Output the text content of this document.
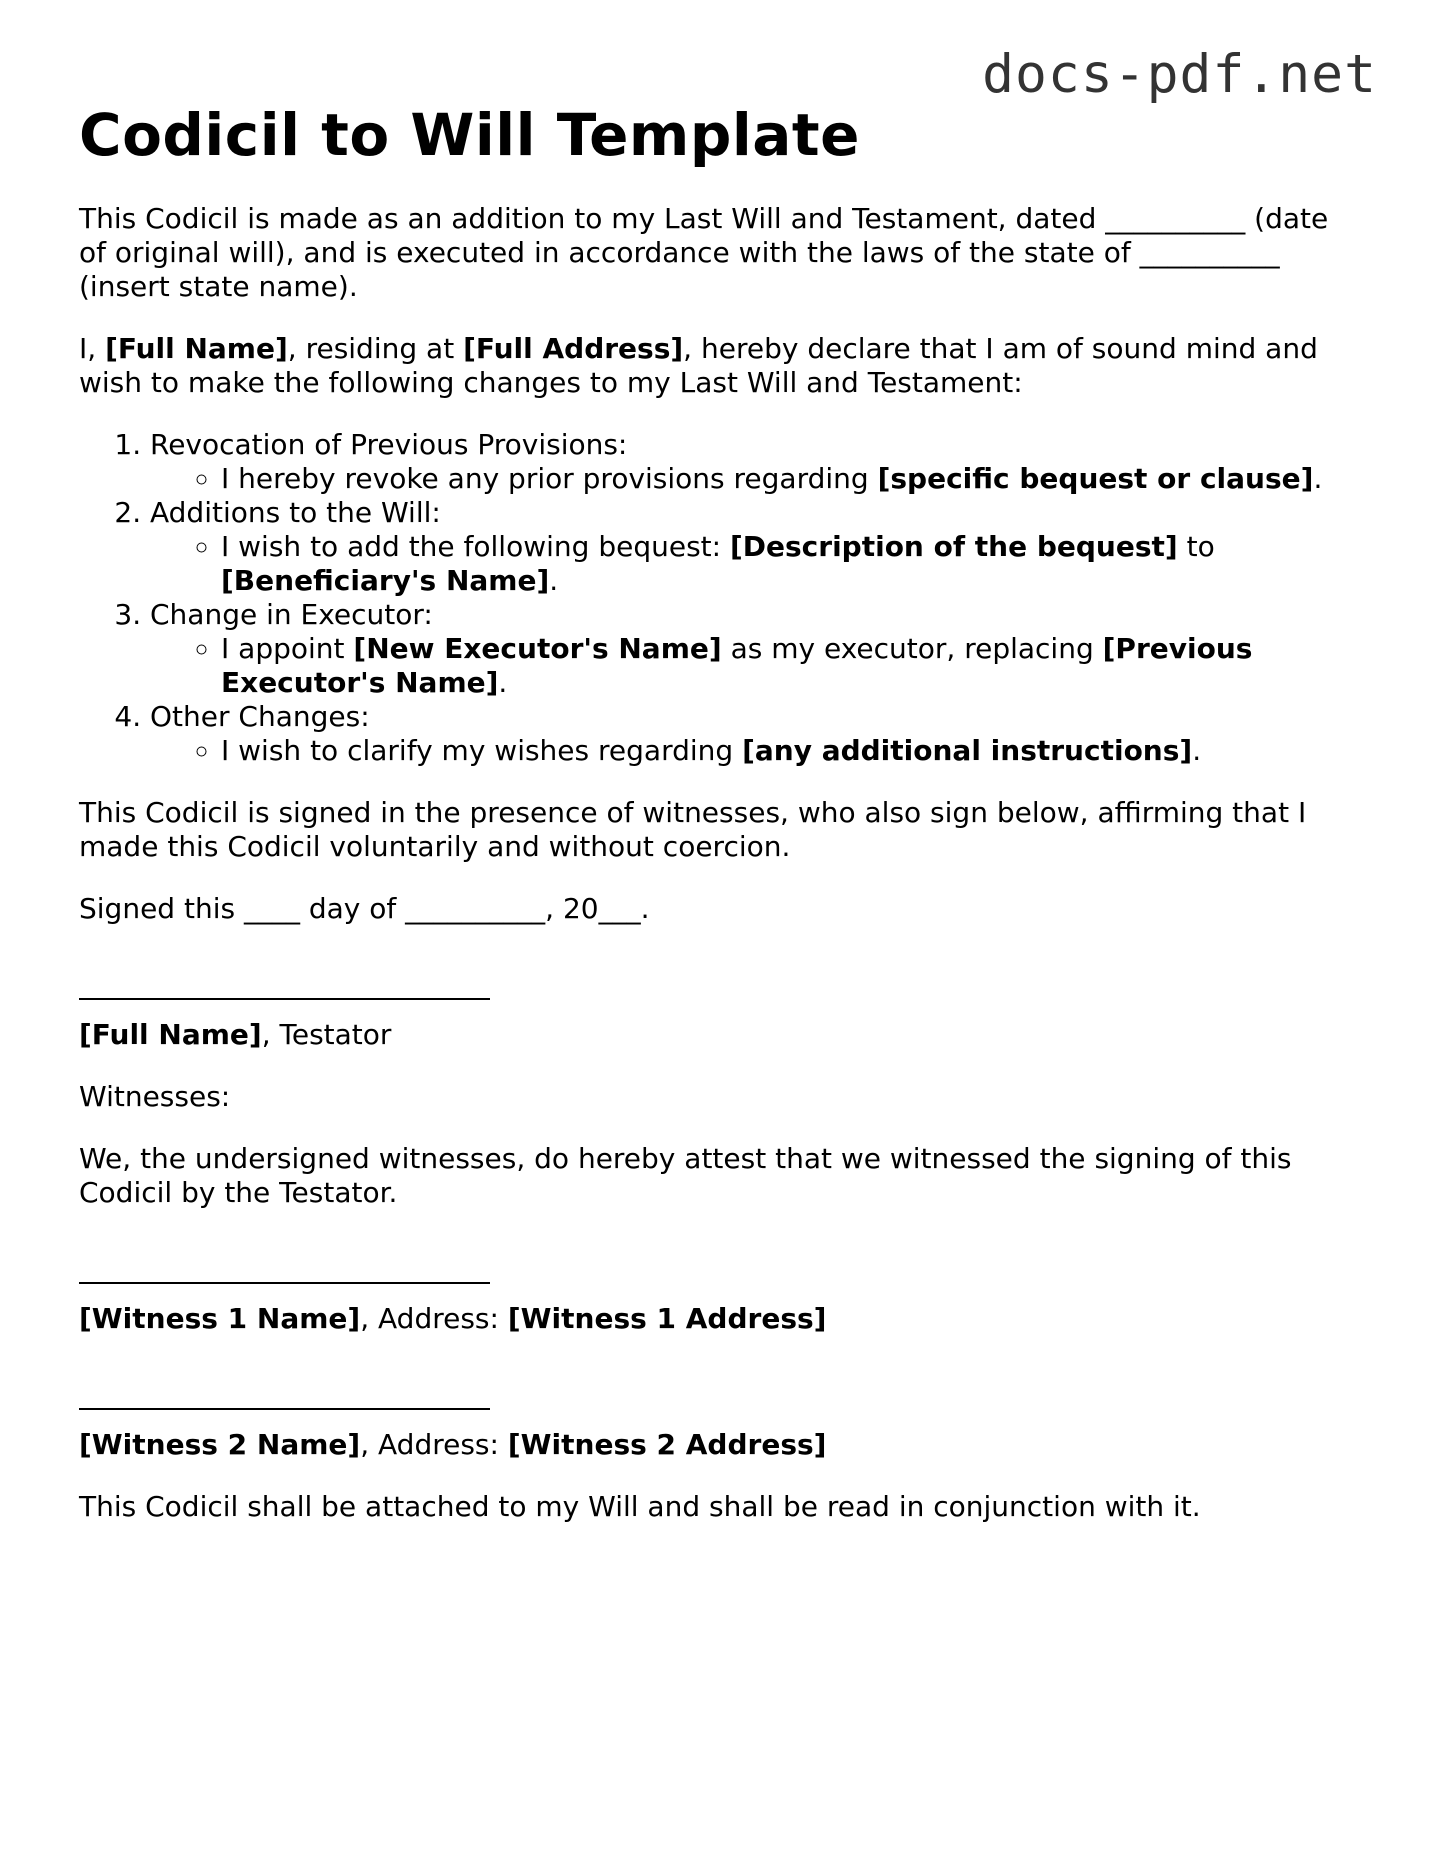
docs-pdf.net
Codicil to Will Template

This Codicil is made as an addition to my Last Will and Testament, dated __________ (date of original will), and is executed in accordance with the laws of the state of __________ (insert state name).

I, [Full Name], residing at [Full Address], hereby declare that I am of sound mind and wish to make the following changes to my Last Will and Testament:

1. Revocation of Previous Provisions:
◦ I hereby revoke any prior provisions regarding [specific bequest or clause].
2. Additions to the Will:
◦ I wish to add the following bequest: [Description of the bequest] to [Beneficiary's Name].
3. Change in Executor:
◦ I appoint [New Executor's Name] as my executor, replacing [Previous Executor's Name].
4. Other Changes:
◦ I wish to clarify my wishes regarding [any additional instructions].

This Codicil is signed in the presence of witnesses, who also sign below, affirming that I made this Codicil voluntarily and without coercion.

Signed this ____ day of __________, 20___.

[Full Name], Testator

Witnesses:

We, the undersigned witnesses, do hereby attest that we witnessed the signing of this Codicil by the Testator.

[Witness 1 Name], Address: [Witness 1 Address]

[Witness 2 Name], Address: [Witness 2 Address]

This Codicil shall be attached to my Will and shall be read in conjunction with it.
